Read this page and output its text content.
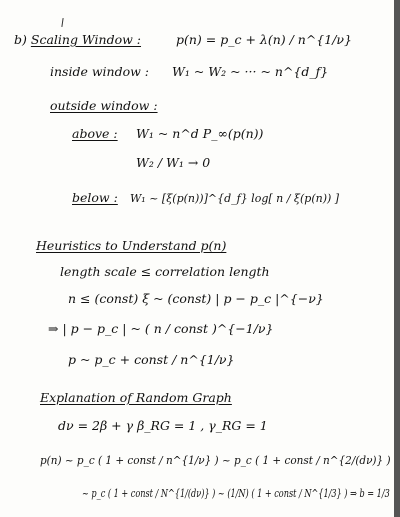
b) Scaling Window :	p(n) = p_c + λ(n) / n^{1/ν}
inside window : W₁ ~ W₂ ~ ··· ~ n^{d_f}
outside window :
above : W₁ ~ n^d P_∞(p(n))
W₂ / W₁ → 0
below : W₁ ~ [ξ(p(n))]^{d_f} log[ n / ξ(p(n)) ]
Heuristics to Understand p(n)
length scale ≤ correlation length
n ≤ (const) ξ ~ (const) | p − p_c |^{−ν}
⇒ | p − p_c | ~ ( n / const )^{−1/ν}
p ~ p_c + const / n^{1/ν}
Explanation of Random Graph
dν = 2β + γ β_RG = 1 , γ_RG = 1
p(n) ~ p_c ( 1 + const / n^{1/ν} ) ~ p_c ( 1 + const / n^{2/(dν)} )
~ p_c ( 1 + const / N^{1/(dν)} ) ~ (1/N) ( 1 + const / N^{1/3} ) ⇒ b = 1/3
